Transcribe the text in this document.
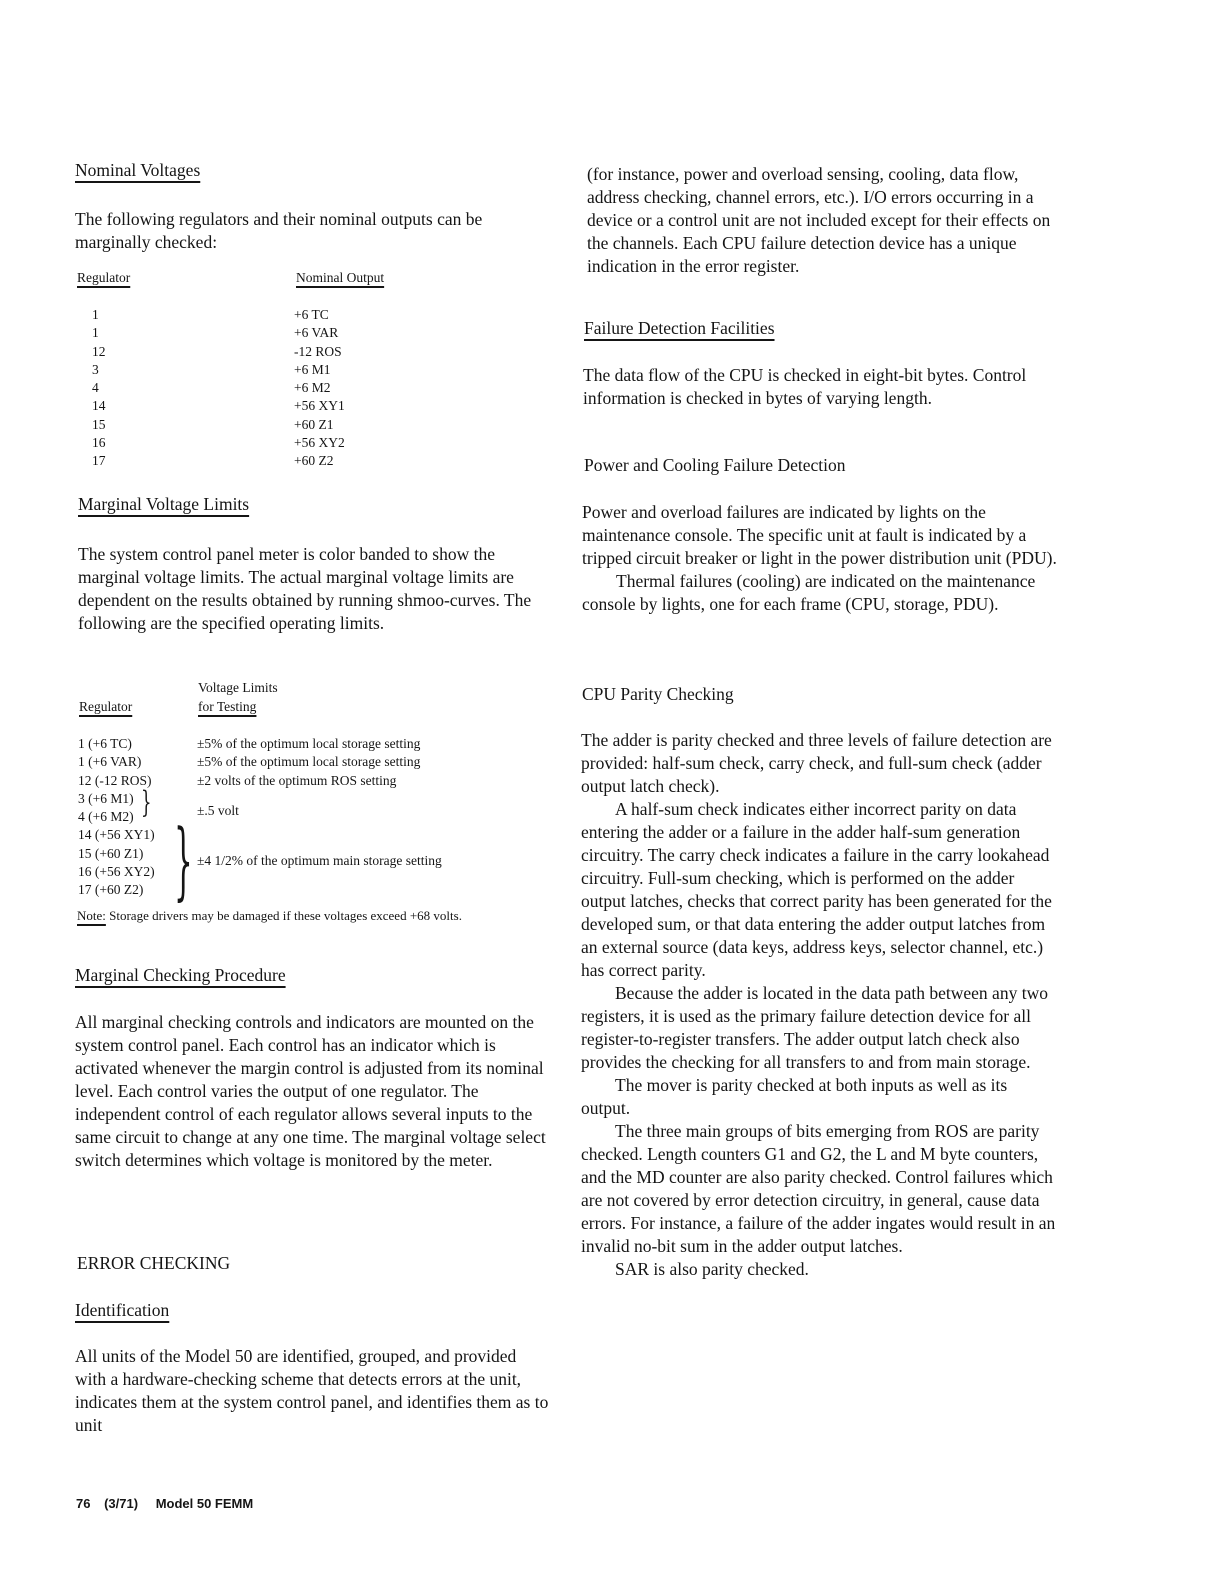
Nominal Voltages

The following regulators and their nominal outputs can be marginally checked:

Regulator	Nominal Output
1
1
12
3
4
14
15
16
17
+6 TC
+6 VAR
-12 ROS
+6 M1
+6 M2
+56 XY1
+60 Z1
+56 XY2
+60 Z2
Marginal Voltage Limits

The system control panel meter is color banded to show the marginal voltage limits. The actual marginal voltage limits are dependent on the results obtained by running shmoo-curves. The following are the specified operating limits.

Voltage Limits
for Testing
Regulator
1 (+6 TC)
1 (+6 VAR)
12 (-12 ROS)
3 (+6 M1)
4 (+6 M2)
14 (+56 XY1)
15 (+60 Z1)
16 (+56 XY2)
17 (+60 Z2)
±5% of the optimum local storage setting
±5% of the optimum local storage setting
±2 volts of the optimum ROS setting
}	±.5 volt
} ±4 1/2% of the optimum main storage setting
Note: Storage drivers may be damaged if these voltages exceed +68 volts.
Marginal Checking Procedure

All marginal checking controls and indicators are mounted on the system control panel. Each control has an indicator which is activated whenever the margin control is adjusted from its nominal level. Each control varies the output of one regulator. The independent control of each regulator allows several inputs to the same circuit to change at any one time. The marginal voltage select switch determines which voltage is monitored by the meter.

ERROR CHECKING
Identification

All units of the Model 50 are identified, grouped, and provided with a hardware-checking scheme that detects errors at the unit, indicates them at the system control panel, and identifies them as to unit

(for instance, power and overload sensing, cooling, data flow, address checking, channel errors, etc.). I/O errors occurring in a device or a control unit are not included except for their effects on the channels. Each CPU failure detection device has a unique indication in the error register.

Failure Detection Facilities

The data flow of the CPU is checked in eight-bit bytes. Control information is checked in bytes of varying length.

Power and Cooling Failure Detection

Power and overload failures are indicated by lights on the maintenance console. The specific unit at fault is indicated by a tripped circuit breaker or light in the power distribution unit (PDU).

Thermal failures (cooling) are indicated on the maintenance console by lights, one for each frame (CPU, storage, PDU).

CPU Parity Checking

The adder is parity checked and three levels of failure detection are provided: half-sum check, carry check, and full-sum check (adder output latch check).

A half-sum check indicates either incorrect parity on data entering the adder or a failure in the adder half-sum generation circuitry. The carry check indicates a failure in the carry lookahead circuitry. Full-sum checking, which is performed on the adder output latches, checks that correct parity has been generated for the developed sum, or that data entering the adder output latches from an external source (data keys, address keys, selector channel, etc.) has correct parity.

Because the adder is located in the data path between any two registers, it is used as the primary failure detection device for all register-to-register transfers. The adder output latch check also provides the checking for all transfers to and from main storage.

The mover is parity checked at both inputs as well as its output.

The three main groups of bits emerging from ROS are parity checked. Length counters G1 and G2, the L and M byte counters, and the MD counter are also parity checked. Control failures which are not covered by error detection circuitry, in general, cause data errors. For instance, a failure of the adder ingates would result in an invalid no-bit sum in the adder output latches.

SAR is also parity checked.

76 (3/71) Model 50 FEMM
